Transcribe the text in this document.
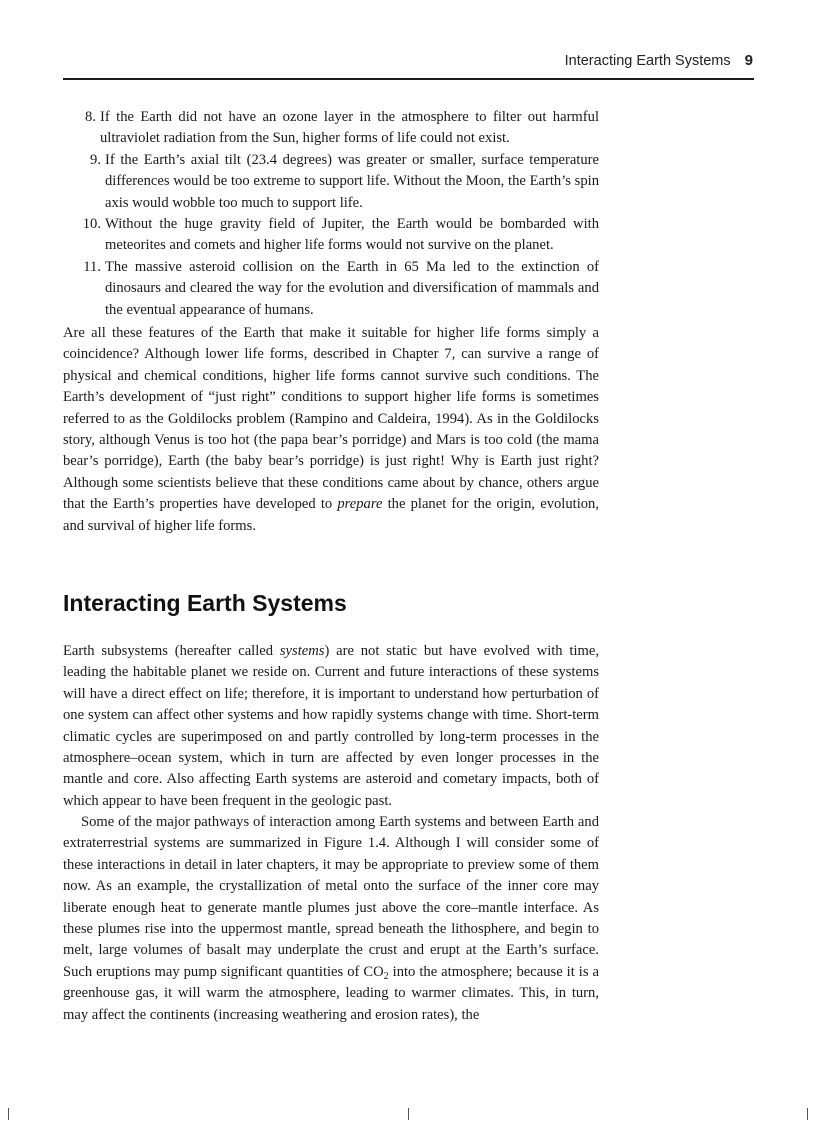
Interacting Earth Systems 9
8. If the Earth did not have an ozone layer in the atmosphere to filter out harmful ultraviolet radiation from the Sun, higher forms of life could not exist.
9. If the Earth’s axial tilt (23.4 degrees) was greater or smaller, surface temperature differences would be too extreme to support life. Without the Moon, the Earth’s spin axis would wobble too much to support life.
10. Without the huge gravity field of Jupiter, the Earth would be bombarded with meteorites and comets and higher life forms would not survive on the planet.
11. The massive asteroid collision on the Earth in 65 Ma led to the extinction of dinosaurs and cleared the way for the evolution and diversification of mammals and the eventual appearance of humans.

Are all these features of the Earth that make it suitable for higher life forms simply a coincidence? Although lower life forms, described in Chapter 7, can survive a range of physical and chemical conditions, higher life forms cannot survive such conditions. The Earth’s development of “just right” conditions to support higher life forms is sometimes referred to as the Goldilocks problem (Rampino and Caldeira, 1994). As in the Goldilocks story, although Venus is too hot (the papa bear’s porridge) and Mars is too cold (the mama bear’s porridge), Earth (the baby bear’s porridge) is just right! Why is Earth just right? Although some scientists believe that these conditions came about by chance, others argue that the Earth’s properties have developed to prepare the planet for the origin, evolution, and survival of higher life forms.

Interacting Earth Systems

Earth subsystems (hereafter called systems) are not static but have evolved with time, leading the habitable planet we reside on. Current and future interactions of these systems will have a direct effect on life; therefore, it is important to understand how perturbation of one system can affect other systems and how rapidly systems change with time. Short-term climatic cycles are superimposed on and partly controlled by long-term processes in the atmosphere–ocean system, which in turn are affected by even longer processes in the mantle and core. Also affecting Earth systems are asteroid and cometary impacts, both of which appear to have been frequent in the geologic past.

Some of the major pathways of interaction among Earth systems and between Earth and extraterrestrial systems are summarized in Figure 1.4. Although I will consider some of these interactions in detail in later chapters, it may be appropriate to preview some of them now. As an example, the crystallization of metal onto the surface of the inner core may liberate enough heat to generate mantle plumes just above the core–mantle interface. As these plumes rise into the uppermost mantle, spread beneath the lithosphere, and begin to melt, large volumes of basalt may underplate the crust and erupt at the Earth’s surface. Such eruptions may pump significant quantities of $CO_2$ into the atmosphere; because it is a greenhouse gas, it will warm the atmosphere, leading to warmer climates. This, in turn, may affect the continents (increasing weathering and erosion rates), the
